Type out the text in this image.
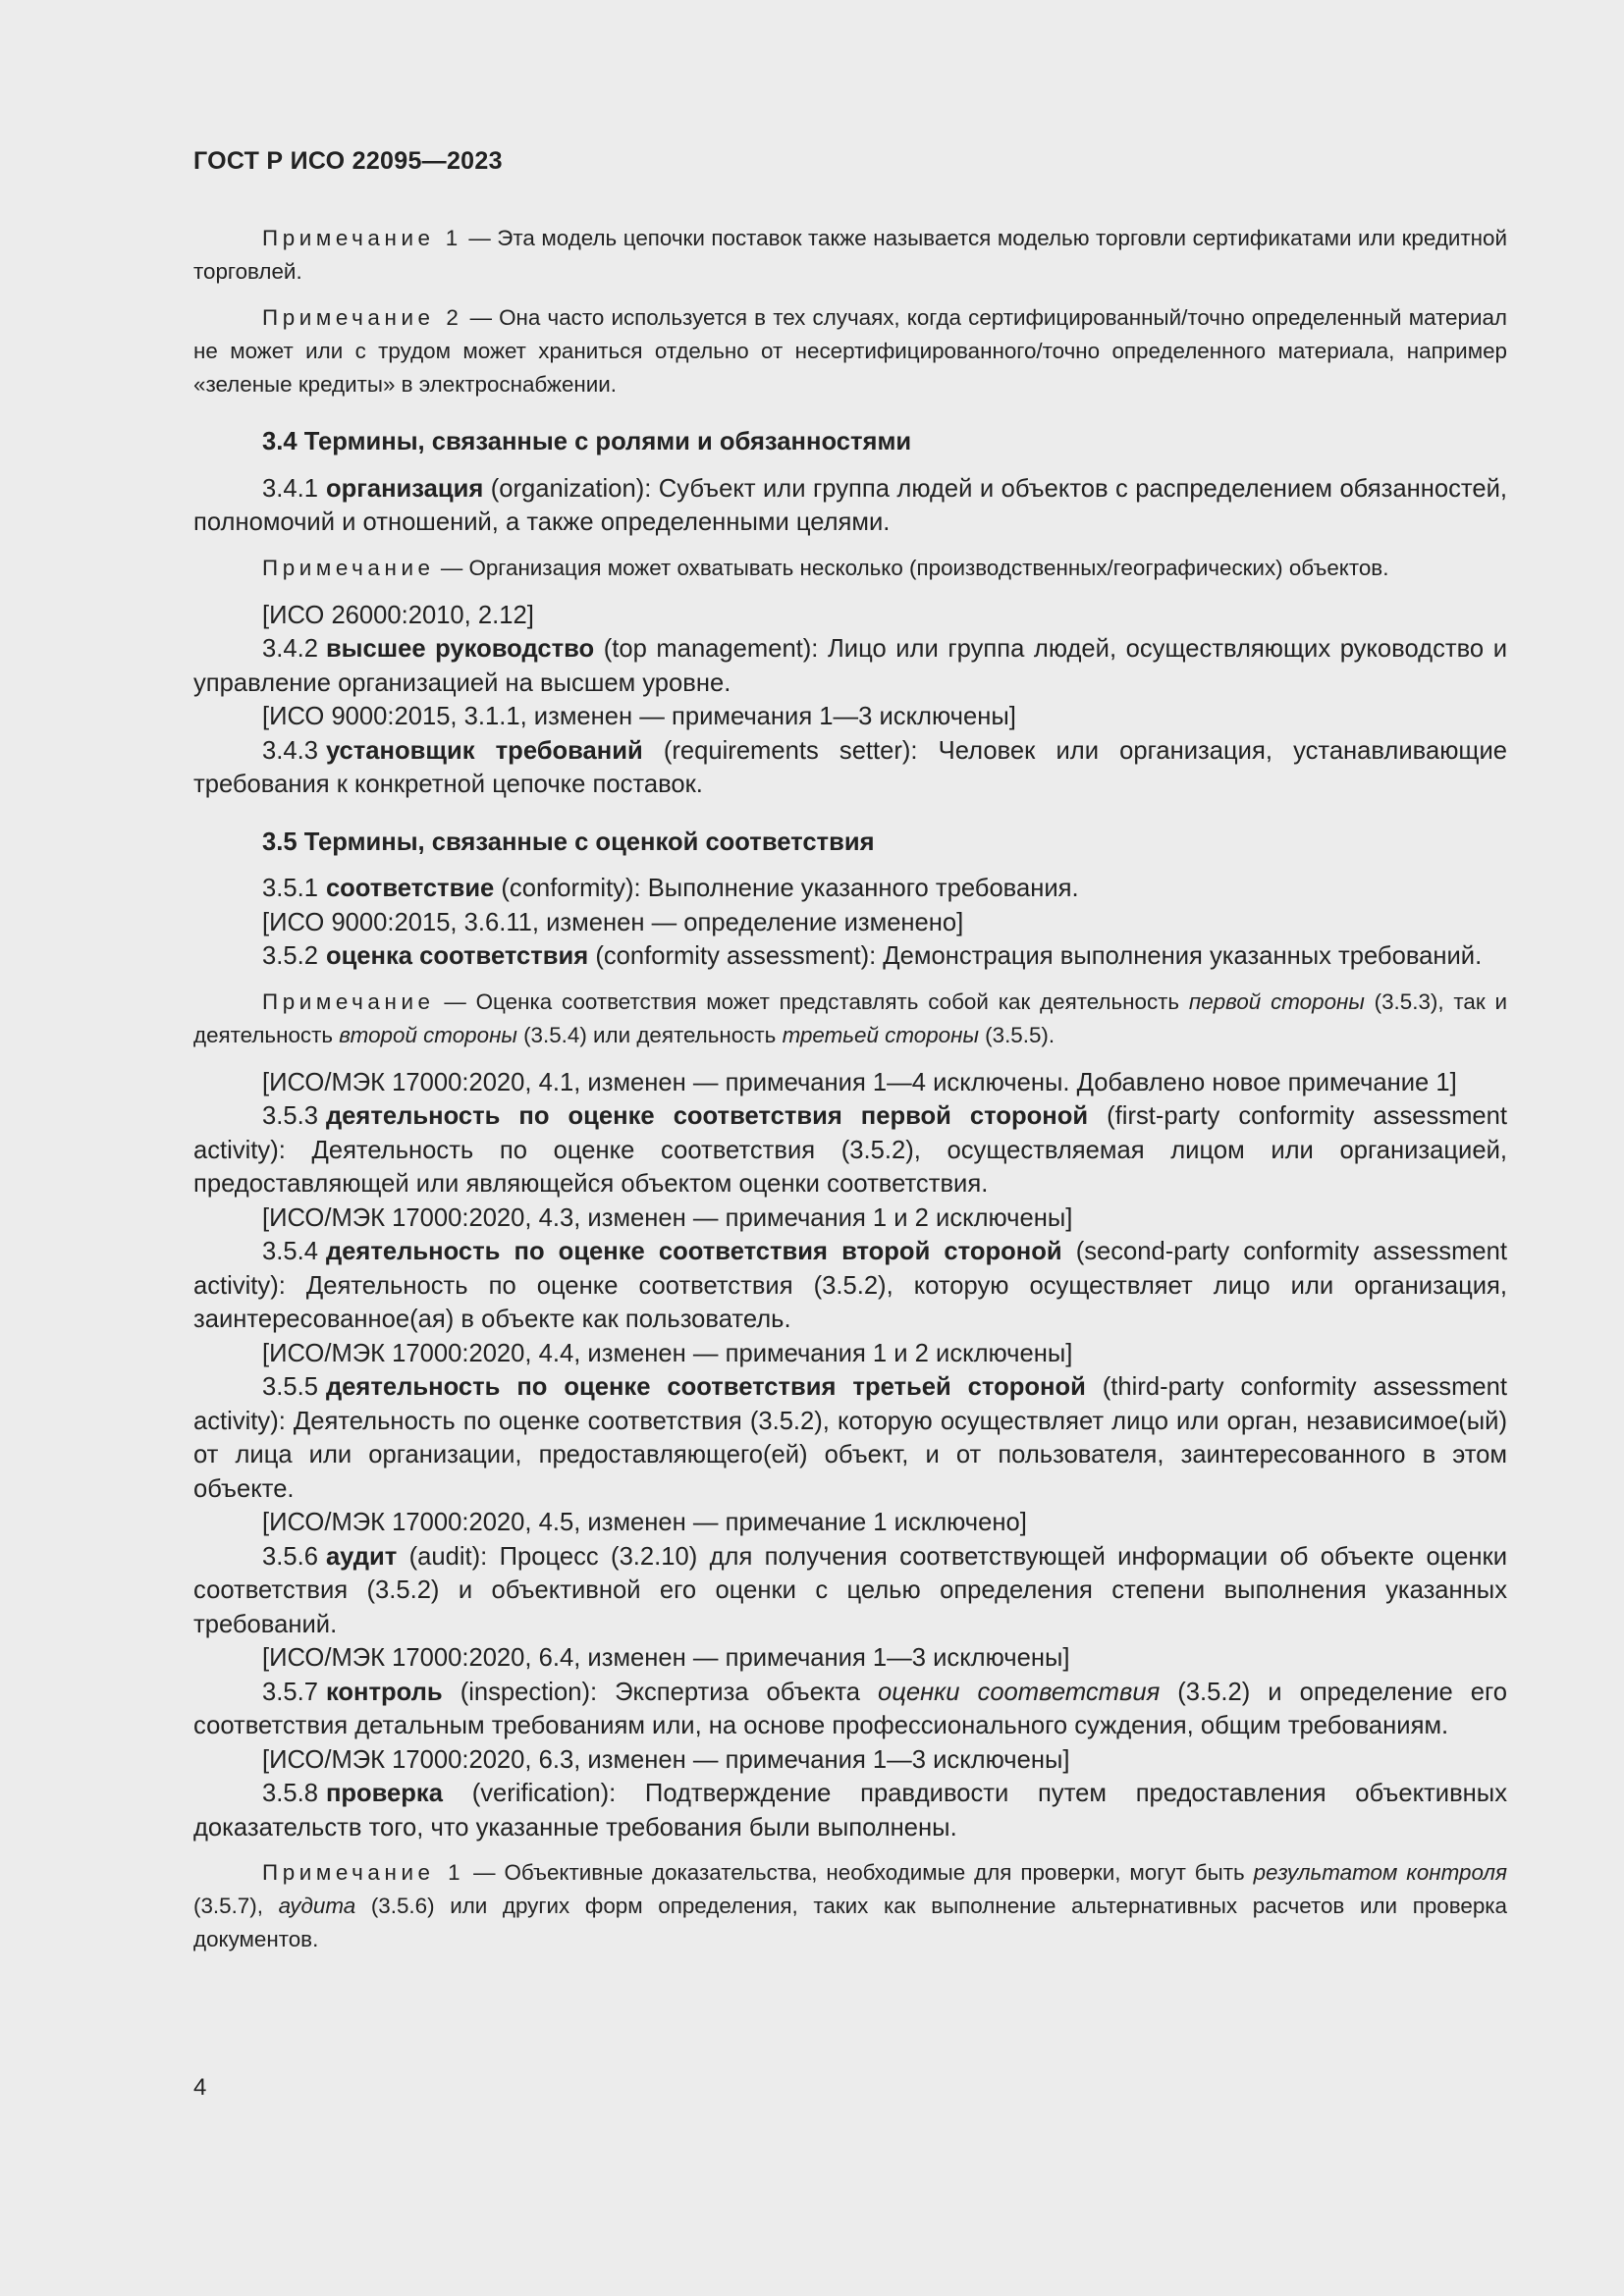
ГОСТ Р ИСО 22095—2023

Примечание 1 — Эта модель цепочки поставок также называется моделью торговли сертификатами или кредитной торговлей.

Примечание 2 — Она часто используется в тех случаях, когда сертифицированный/точно определенный материал не может или с трудом может храниться отдельно от несертифицированного/точно определенного материала, например «зеленые кредиты» в электроснабжении.

3.4 Термины, связанные с ролями и обязанностями

3.4.1 организация (organization): Субъект или группа людей и объектов с распределением обязанностей, полномочий и отношений, а также определенными целями.

Примечание — Организация может охватывать несколько (производственных/географических) объектов.

[ИСО 26000:2010, 2.12]

3.4.2 высшее руководство (top management): Лицо или группа людей, осуществляющих руководство и управление организацией на высшем уровне.

[ИСО 9000:2015, 3.1.1, изменен — примечания 1—3 исключены]

3.4.3 установщик требований (requirements setter): Человек или организация, устанавливающие требования к конкретной цепочке поставок.

3.5 Термины, связанные с оценкой соответствия

3.5.1 соответствие (conformity): Выполнение указанного требования.

[ИСО 9000:2015, 3.6.11, изменен — определение изменено]

3.5.2 оценка соответствия (conformity assessment): Демонстрация выполнения указанных требований.

Примечание — Оценка соответствия может представлять собой как деятельность первой стороны (3.5.3), так и деятельность второй стороны (3.5.4) или деятельность третьей стороны (3.5.5).

[ИСО/МЭК 17000:2020, 4.1, изменен — примечания 1—4 исключены. Добавлено новое примечание 1]

3.5.3 деятельность по оценке соответствия первой стороной (first-party conformity assessment activity): Деятельность по оценке соответствия (3.5.2), осуществляемая лицом или организацией, предоставляющей или являющейся объектом оценки соответствия.

[ИСО/МЭК 17000:2020, 4.3, изменен — примечания 1 и 2 исключены]

3.5.4 деятельность по оценке соответствия второй стороной (second-party conformity assessment activity): Деятельность по оценке соответствия (3.5.2), которую осуществляет лицо или организация, заинтересованное(ая) в объекте как пользователь.

[ИСО/МЭК 17000:2020, 4.4, изменен — примечания 1 и 2 исключены]

3.5.5 деятельность по оценке соответствия третьей стороной (third-party conformity assessment activity): Деятельность по оценке соответствия (3.5.2), которую осуществляет лицо или орган, независимое(ый) от лица или организации, предоставляющего(ей) объект, и от пользователя, заинтересованного в этом объекте.

[ИСО/МЭК 17000:2020, 4.5, изменен — примечание 1 исключено]

3.5.6 аудит (audit): Процесс (3.2.10) для получения соответствующей информации об объекте оценки соответствия (3.5.2) и объективной его оценки с целью определения степени выполнения указанных требований.

[ИСО/МЭК 17000:2020, 6.4, изменен — примечания 1—3 исключены]

3.5.7 контроль (inspection): Экспертиза объекта оценки соответствия (3.5.2) и определение его соответствия детальным требованиям или, на основе профессионального суждения, общим требованиям.

[ИСО/МЭК 17000:2020, 6.3, изменен — примечания 1—3 исключены]

3.5.8 проверка (verification): Подтверждение правдивости путем предоставления объективных доказательств того, что указанные требования были выполнены.

Примечание 1 — Объективные доказательства, необходимые для проверки, могут быть результатом контроля (3.5.7), аудита (3.5.6) или других форм определения, таких как выполнение альтернативных расчетов или проверка документов.

4
